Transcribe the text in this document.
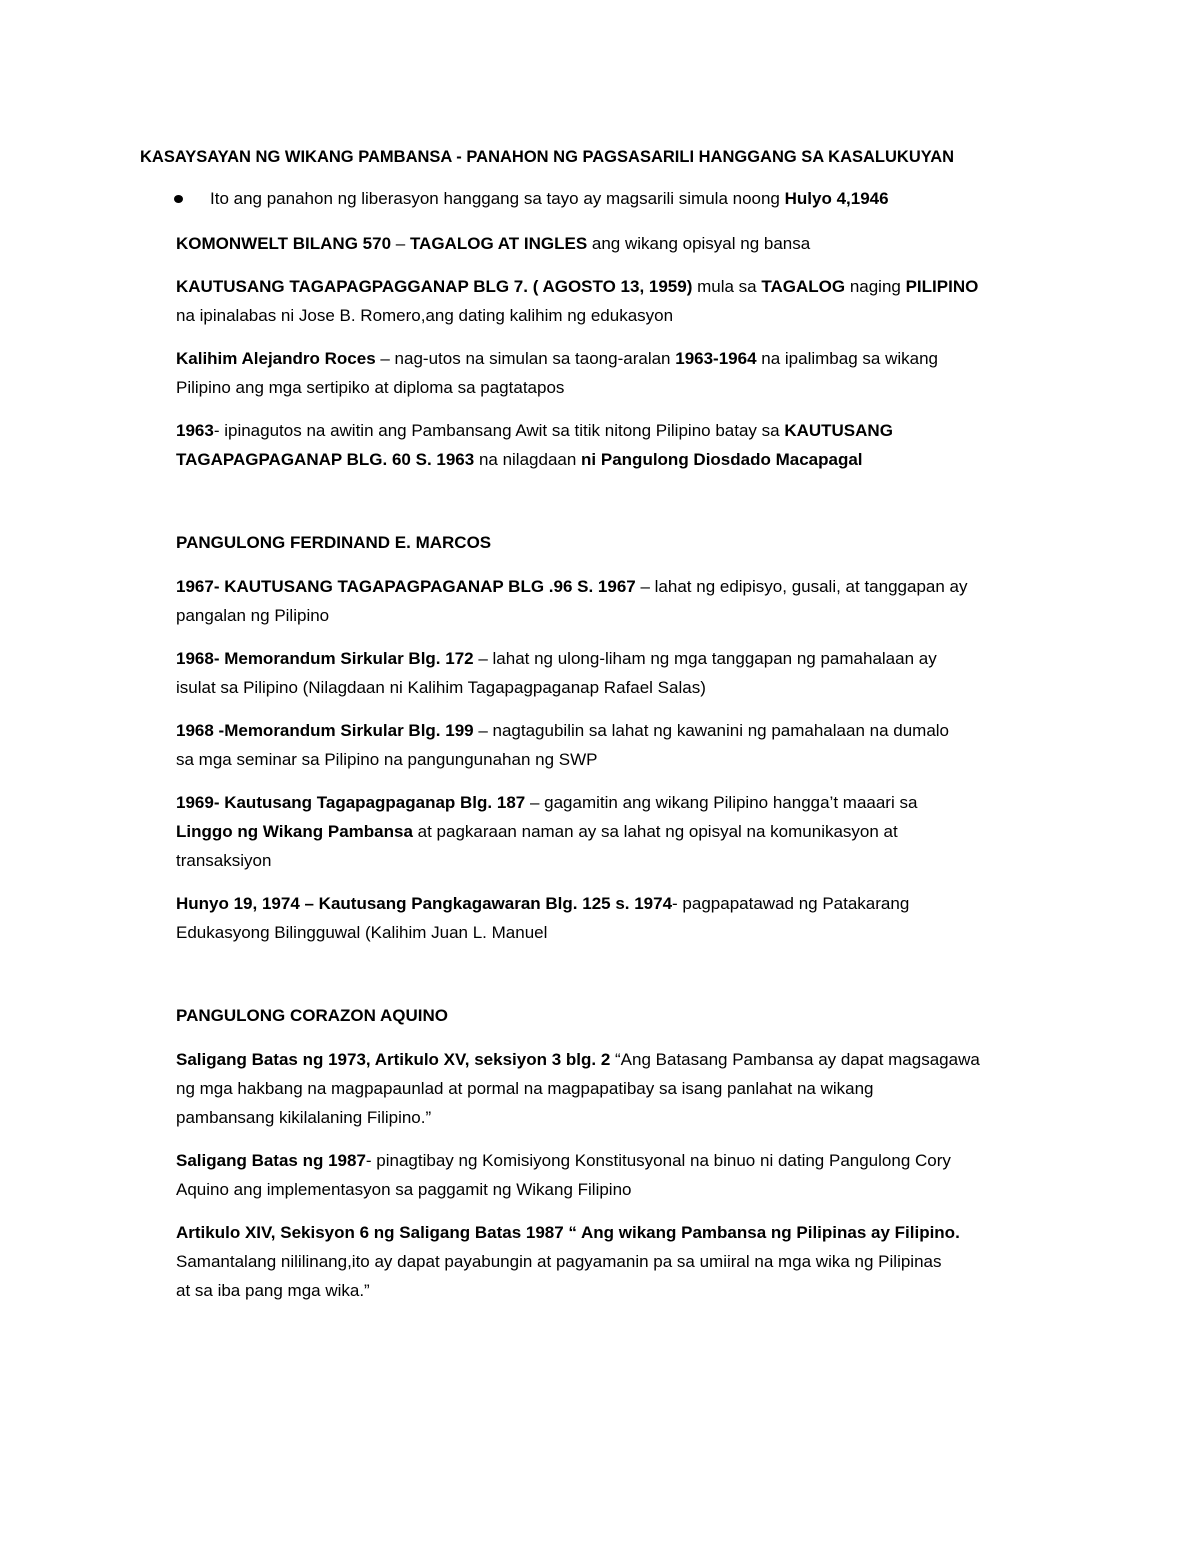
KASAYSAYAN NG WIKANG PAMBANSA - PANAHON NG PAGSASARILI HANGGANG SA KASALUKUYAN
Ito ang panahon ng liberasyon hanggang sa tayo ay magsarili simula noong Hulyo 4,1946
KOMONWELT BILANG 570 – TAGALOG AT INGLES ang wikang opisyal ng bansa
KAUTUSANG TAGAPAGPAGGANAP BLG 7. ( AGOSTO 13, 1959) mula sa TAGALOG naging PILIPINO
na ipinalabas ni Jose B. Romero,ang dating kalihim ng edukasyon
Kalihim Alejandro Roces – nag-utos na simulan sa taong-aralan 1963-1964 na ipalimbag sa wikang
Pilipino ang mga sertipiko at diploma sa pagtatapos
1963- ipinagutos na awitin ang Pambansang Awit sa titik nitong Pilipino batay sa KAUTUSANG
TAGAPAGPAGANAP BLG. 60 S. 1963 na nilagdaan ni Pangulong Diosdado Macapagal
PANGULONG FERDINAND E. MARCOS
1967- KAUTUSANG TAGAPAGPAGANAP BLG .96 S. 1967 – lahat ng edipisyo, gusali, at tanggapan ay
pangalan ng Pilipino
1968- Memorandum Sirkular Blg. 172 – lahat ng ulong-liham ng mga tanggapan ng pamahalaan ay
isulat sa Pilipino (Nilagdaan ni Kalihim Tagapagpaganap Rafael Salas)
1968 -Memorandum Sirkular Blg. 199 – nagtagubilin sa lahat ng kawanini ng pamahalaan na dumalo
sa mga seminar sa Pilipino na pangungunahan ng SWP
1969- Kautusang Tagapagpaganap Blg. 187 – gagamitin ang wikang Pilipino hangga’t maaari sa
Linggo ng Wikang Pambansa at pagkaraan naman ay sa lahat ng opisyal na komunikasyon at
transaksiyon
Hunyo 19, 1974 – Kautusang Pangkagawaran Blg. 125 s. 1974- pagpapatawad ng Patakarang
Edukasyong Bilingguwal (Kalihim Juan L. Manuel
PANGULONG CORAZON AQUINO
Saligang Batas ng 1973, Artikulo XV, seksiyon 3 blg. 2 “Ang Batasang Pambansa ay dapat magsagawa
ng mga hakbang na magpapaunlad at pormal na magpapatibay sa isang panlahat na wikang
pambansang kikilalaning Filipino.”
Saligang Batas ng 1987- pinagtibay ng Komisiyong Konstitusyonal na binuo ni dating Pangulong Cory
Aquino ang implementasyon sa paggamit ng Wikang Filipino
Artikulo XIV, Sekisyon 6 ng Saligang Batas 1987 “ Ang wikang Pambansa ng Pilipinas ay Filipino.
Samantalang nililinang,ito ay dapat payabungin at pagyamanin pa sa umiiral na mga wika ng Pilipinas
at sa iba pang mga wika.”
